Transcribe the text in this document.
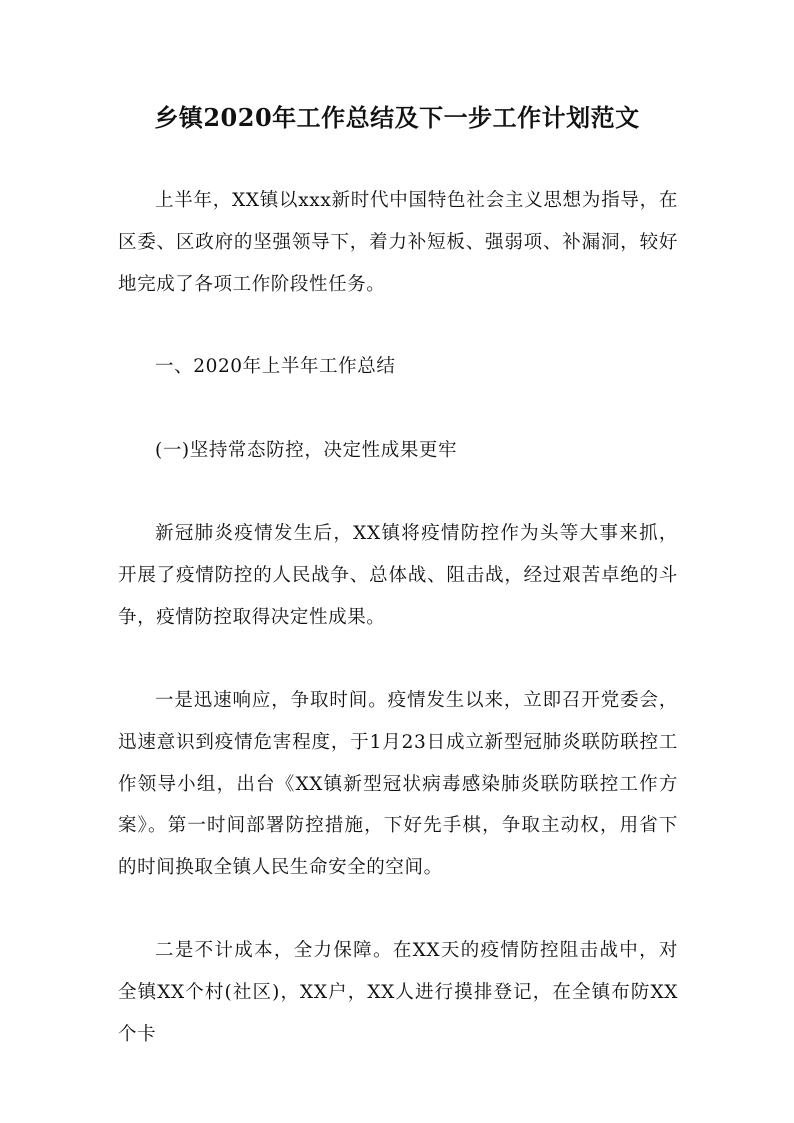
乡镇2020年工作总结及下一步工作计划范文

上半年，XX镇以xxx新时代中国特色社会主义思想为指导，在区委、区政府的坚强领导下，着力补短板、强弱项、补漏洞，较好地完成了各项工作阶段性任务。

一、2020年上半年工作总结

(一)坚持常态防控，决定性成果更牢

新冠肺炎疫情发生后，XX镇将疫情防控作为头等大事来抓，开展了疫情防控的人民战争、总体战、阻击战，经过艰苦卓绝的斗争，疫情防控取得决定性成果。

一是迅速响应，争取时间。疫情发生以来，立即召开党委会，迅速意识到疫情危害程度，于1月23日成立新型冠肺炎联防联控工作领导小组，出台《XX镇新型冠状病毒感染肺炎联防联控工作方案》。第一时间部署防控措施，下好先手棋，争取主动权，用省下的时间换取全镇人民生命安全的空间。

二是不计成本，全力保障。在XX天的疫情防控阻击战中，对全镇XX个村(社区)，XX户，XX人进行摸排登记，在全镇布防XX个卡
